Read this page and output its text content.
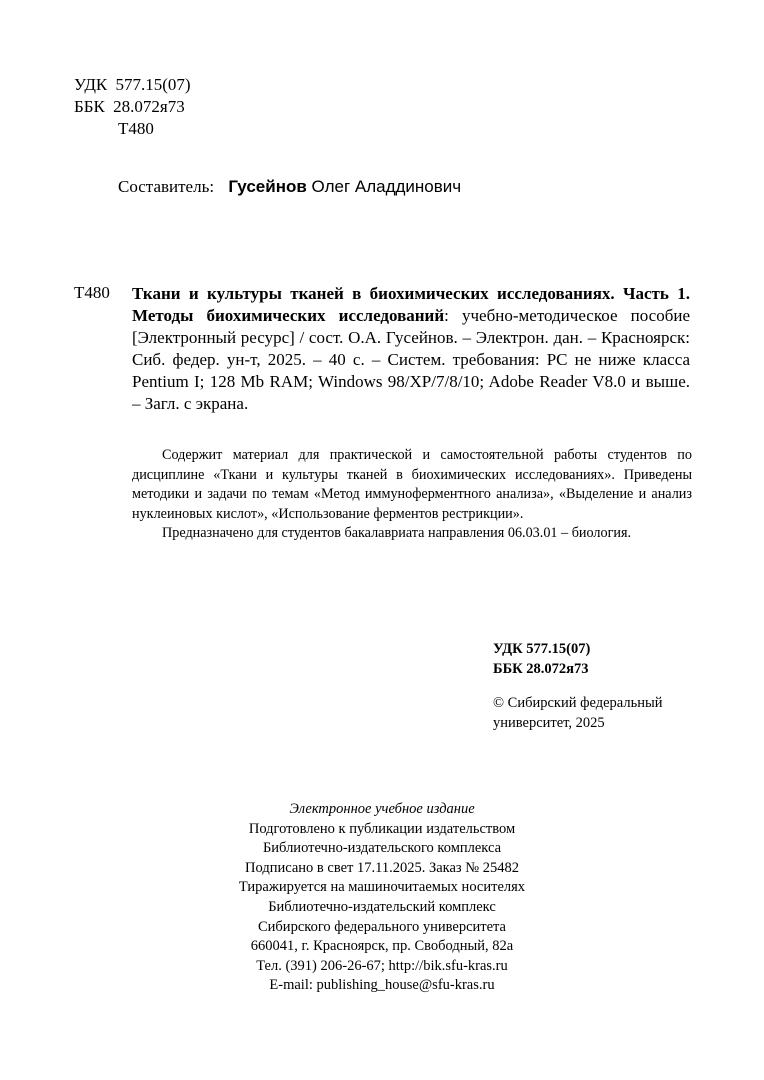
УДК 577.15(07)
ББК 28.072я73
Т480
Составитель: Гусейнов Олег Аладдинович
Т480 Ткани и культуры тканей в биохимических исследованиях. Часть 1. Методы биохимических исследований: учебно-методическое пособие [Электронный ресурс] / сост. О.А. Гусейнов. – Электрон. дан. – Красноярск: Сиб. федер. ун-т, 2025. – 40 с. – Систем. требования: PC не ниже класса Pentium I; 128 Mb RAM; Windows 98/XP/7/8/10; Adobe Reader V8.0 и выше. – Загл. с экрана.

Содержит материал для практической и самостоятельной работы студентов по дисциплине «Ткани и культуры тканей в биохимических исследованиях». Приведены методики и задачи по темам «Метод иммуноферментного анализа», «Выделение и анализ нуклеиновых кислот», «Использование ферментов рестрикции».

Предназначено для студентов бакалавриата направления 06.03.01 – биология.

УДК 577.15(07)
ББК 28.072я73
© Сибирский федеральный
университет, 2025
Электронное учебное издание
Подготовлено к публикации издательством
Библиотечно-издательского комплекса
Подписано в свет 17.11.2025. Заказ № 25482
Тиражируется на машиночитаемых носителях
Библиотечно-издательский комплекс
Сибирского федерального университета
660041, г. Красноярск, пр. Свободный, 82а
Тел. (391) 206-26-67; http://bik.sfu-kras.ru
E-mail: publishing_house@sfu-kras.ru
